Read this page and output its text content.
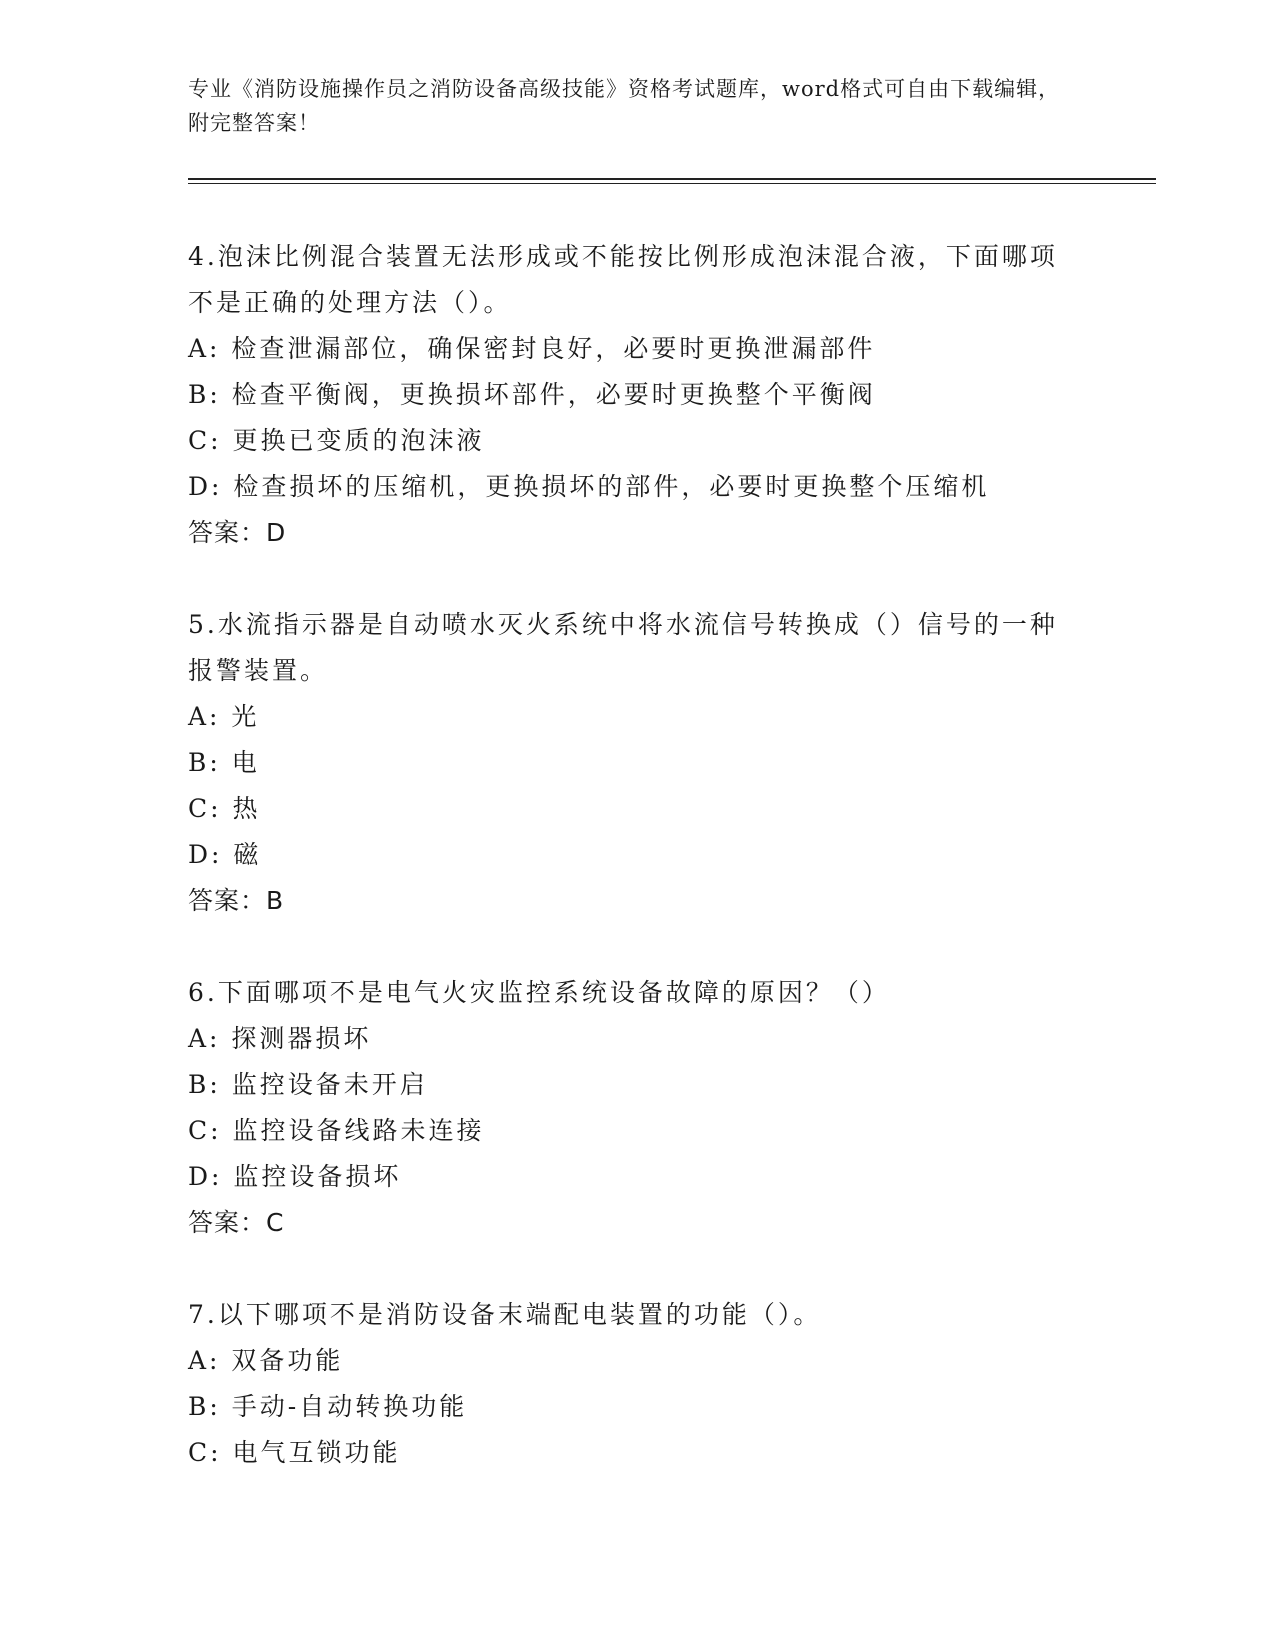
专业《消防设施操作员之消防设备高级技能》资格考试题库，word格式可自由下载编辑，附完整答案！
4.泡沫比例混合装置无法形成或不能按比例形成泡沫混合液，下面哪项不是正确的处理方法（）。
A: 检查泄漏部位，确保密封良好，必要时更换泄漏部件
B: 检查平衡阀，更换损坏部件，必要时更换整个平衡阀
C: 更换已变质的泡沫液
D: 检查损坏的压缩机，更换损坏的部件，必要时更换整个压缩机
答案：D
5.水流指示器是自动喷水灭火系统中将水流信号转换成（）信号的一种报警装置。
A: 光
B: 电
C: 热
D: 磁
答案：B
6.下面哪项不是电气火灾监控系统设备故障的原因？（）
A: 探测器损坏
B: 监控设备未开启
C: 监控设备线路未连接
D: 监控设备损坏
答案：C
7.以下哪项不是消防设备末端配电装置的功能（）。
A: 双备功能
B: 手动-自动转换功能
C: 电气互锁功能
